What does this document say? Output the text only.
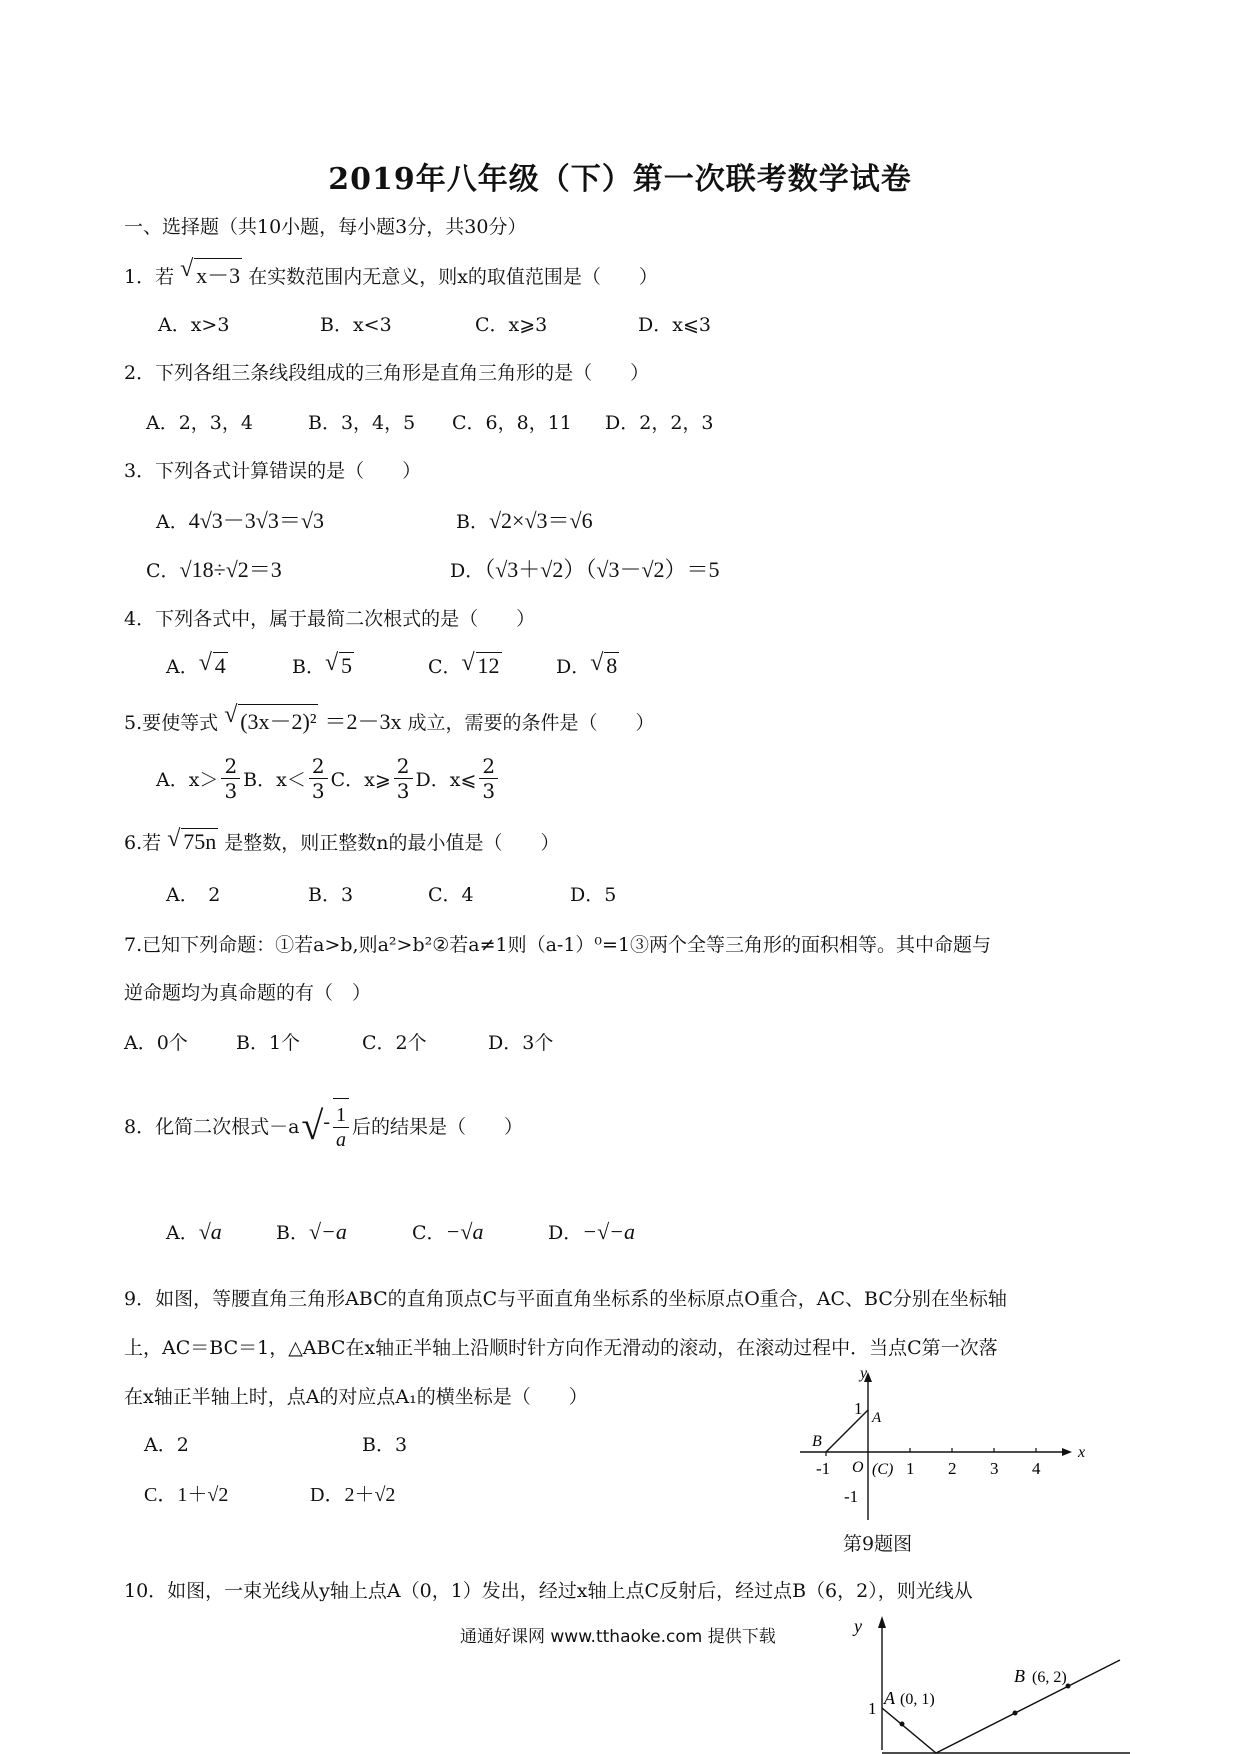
2019年八年级（下）第一次联考数学试卷
一、选择题（共10小题，每小题3分，共30分）
1．若 √ x－3 在实数范围内无意义，则x的取值范围是（　　）
A．x>3	B．x<3	C．x⩾3	D．x⩽3
2．下列各组三条线段组成的三角形是直角三角形的是（　　）
A．2，3，4	B．3，4，5 C．6，8，11 D．2，2，3
3．下列各式计算错误的是（　　）
A．4√3－3√3＝√3	B．√2×√3＝√6
C．√18÷√2＝3	D．（√3＋√2）（√3－√2）＝5
4．下列各式中，属于最简二次根式的是（　　）
A． √ 4	B． √ 5	C． √ 12	D． √ 8
5.要使等式 √ (3x－2)² ＝2－3x 成立，需要的条件是（　　）
A．$x> \frac{2}{3}$ B．$x< \frac{2}{3}$ C．x⩾ $\frac{2}{3}$ D．x⩽ $\frac{2}{3}$
6.若 √ 75n 是整数，则正整数n的最小值是（　　）
A．　2	B．3	C．4	D．5
7.已知下列命题：①若a>b,则a²>b²②若a≠1则（a-1）⁰=1③两个全等三角形的面积相等。其中命题与
逆命题均为真命题的有（　）
A．0个	B．1个	C．2个	D．3个
8．化简二次根式－a √ - $\frac{1}{a}$ 后的结果是（　　）
A．√a	B．√−a	C．−√a	D．−√−a
9．如图，等腰直角三角形ABC的直角顶点C与平面直角坐标系的坐标原点O重合，AC、BC分别在坐标轴
上，AC＝BC＝1，△ABC在x轴正半轴上沿顺时针方向作无滑动的滚动，在滚动过程中．当点C第一次落
在x轴正半轴上时，点A的对应点A₁的横坐标是（　　）
A．2	B．3
C．1＋√2	D．2＋√2
y
x
1 A
B
-1 O (C) 1 2 3 4
-1
第9题图
10．如图，一束光线从y轴上点A（0，1）发出，经过x轴上点C反射后，经过点B（6，2），则光线从
通通好课网 www.tthaoke.com 提供下载
y
1
A (0, 1)
B (6, 2)
